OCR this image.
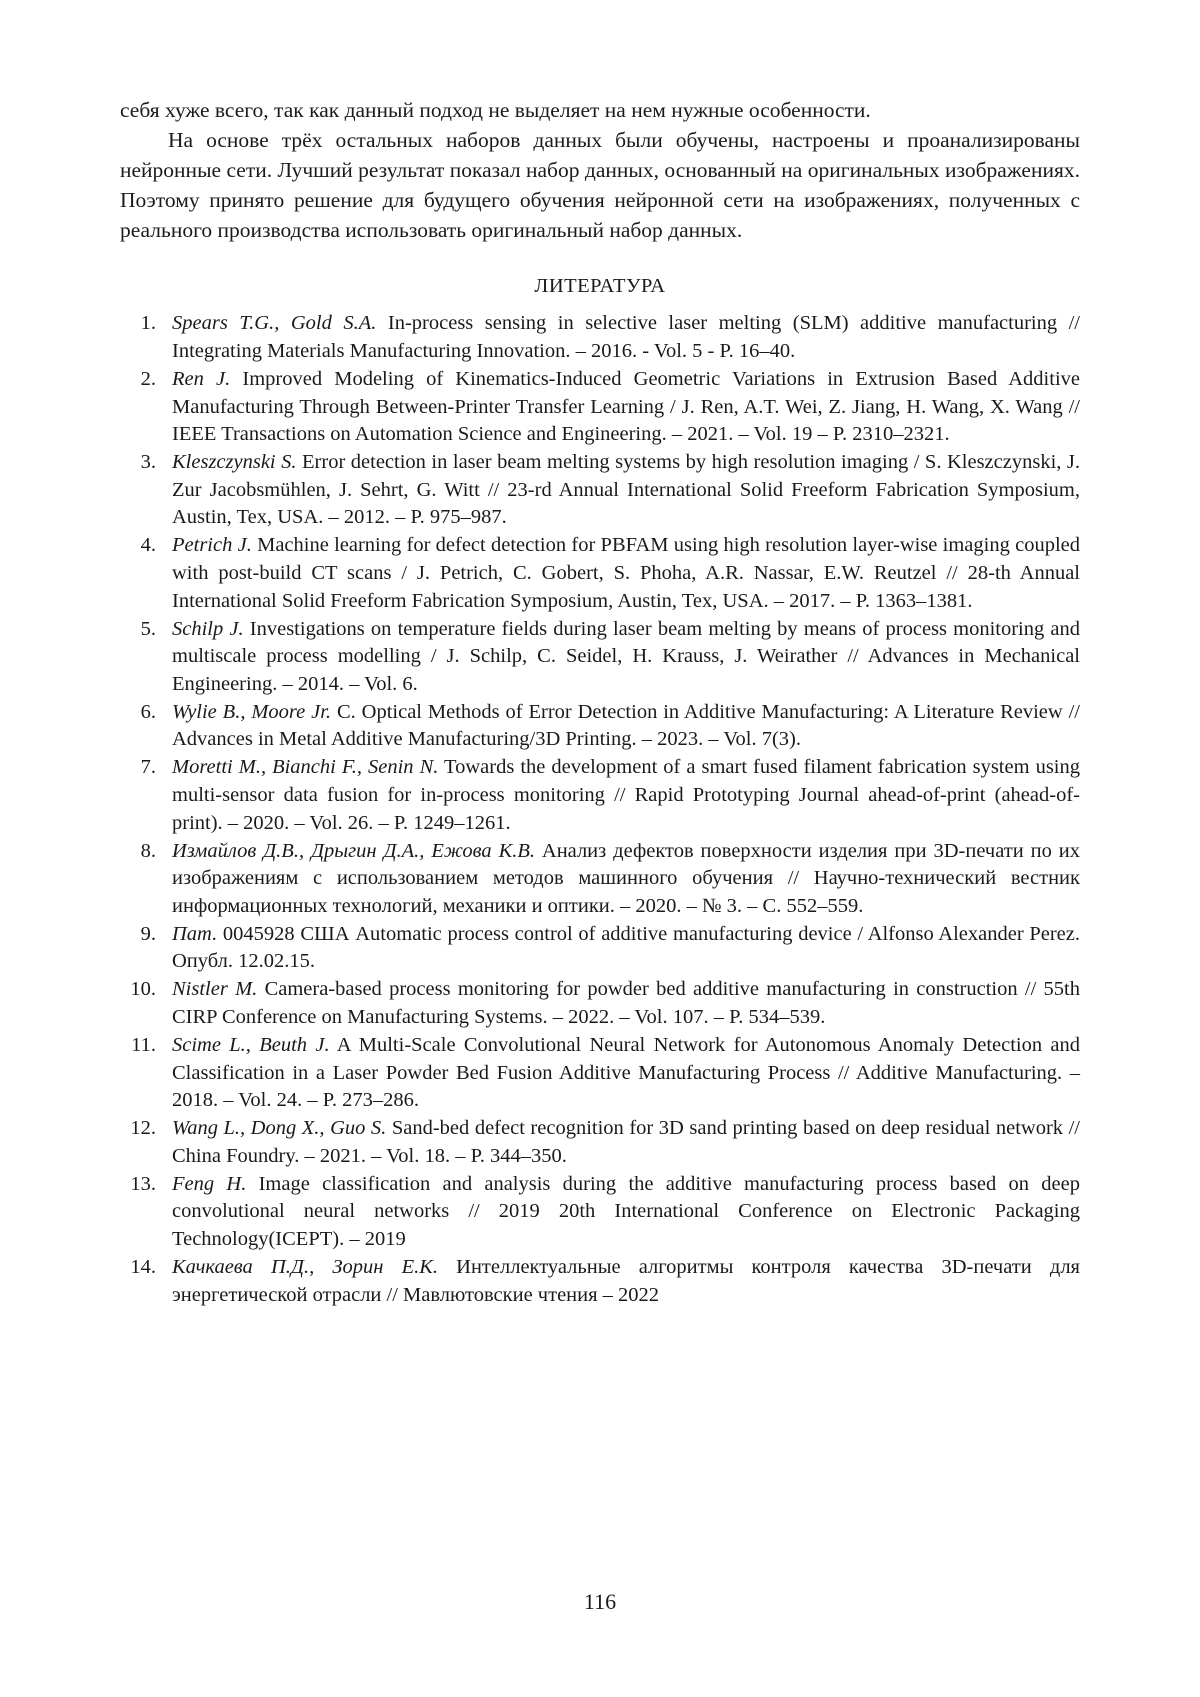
себя хуже всего, так как данный подход не выделяет на нем нужные особенности.

На основе трёх остальных наборов данных были обучены, настроены и проанализированы нейронные сети. Лучший результат показал набор данных, основанный на оригинальных изображениях. Поэтому принято решение для будущего обучения нейронной сети на изображениях, полученных с реального производства использовать оригинальный набор данных.

ЛИТЕРАТУРА
1. Spears T.G., Gold S.A. In-process sensing in selective laser melting (SLM) additive manufacturing // Integrating Materials Manufacturing Innovation. – 2016. - Vol. 5 - P. 16–40.
2. Ren J. Improved Modeling of Kinematics-Induced Geometric Variations in Extrusion Based Additive Manufacturing Through Between-Printer Transfer Learning / J. Ren, A.T. Wei, Z. Jiang, H. Wang, X. Wang // IEEE Transactions on Automation Science and Engineering. – 2021. – Vol. 19 – P. 2310–2321.
3. Kleszczynski S. Error detection in laser beam melting systems by high resolution imaging / S. Kleszczynski, J. Zur Jacobsmühlen, J. Sehrt, G. Witt // 23-rd Annual International Solid Freeform Fabrication Symposium, Austin, Tex, USA. – 2012. – P. 975–987.
4. Petrich J. Machine learning for defect detection for PBFAM using high resolution layer-wise imaging coupled with post-build CT scans / J. Petrich, C. Gobert, S. Phoha, A.R. Nassar, E.W. Reutzel // 28-th Annual International Solid Freeform Fabrication Symposium, Austin, Tex, USA. – 2017. – P. 1363–1381.
5. Schilp J. Investigations on temperature fields during laser beam melting by means of process monitoring and multiscale process modelling / J. Schilp, C. Seidel, H. Krauss, J. Weirather // Advances in Mechanical Engineering. – 2014. – Vol. 6.
6. Wylie B., Moore Jr. C. Optical Methods of Error Detection in Additive Manufacturing: A Literature Review // Advances in Metal Additive Manufacturing/3D Printing. – 2023. – Vol. 7(3).
7. Moretti M., Bianchi F., Senin N. Towards the development of a smart fused filament fabrication system using multi-sensor data fusion for in-process monitoring // Rapid Prototyping Journal ahead-of-print (ahead-of-print). – 2020. – Vol. 26. – P. 1249–1261.
8. Измайлов Д.В., Дрыгин Д.А., Ежова К.В. Анализ дефектов поверхности изделия при 3D-печати по их изображениям с использованием методов машинного обучения // Научно-технический вестник информационных технологий, механики и оптики. – 2020. – № 3. – С. 552–559.
9. Пат. 0045928 США Automatic process control of additive manufacturing device / Alfonso Alexander Perez. Опубл. 12.02.15.
10. Nistler M. Camera-based process monitoring for powder bed additive manufacturing in construction // 55th CIRP Conference on Manufacturing Systems. – 2022. – Vol. 107. – P. 534–539.
11. Scime L., Beuth J. A Multi-Scale Convolutional Neural Network for Autonomous Anomaly Detection and Classification in a Laser Powder Bed Fusion Additive Manufacturing Process // Additive Manufacturing. – 2018. – Vol. 24. – P. 273–286.
12. Wang L., Dong X., Guo S. Sand-bed defect recognition for 3D sand printing based on deep residual network // China Foundry. – 2021. – Vol. 18. – P. 344–350.
13. Feng H. Image classification and analysis during the additive manufacturing process based on deep convolutional neural networks // 2019 20th International Conference on Electronic Packaging Technology(ICEPT). – 2019
14. Качкаева П.Д., Зорин Е.К. Интеллектуальные алгоритмы контроля качества 3D-печати для энергетической отрасли // Мавлютовские чтения – 2022
116
